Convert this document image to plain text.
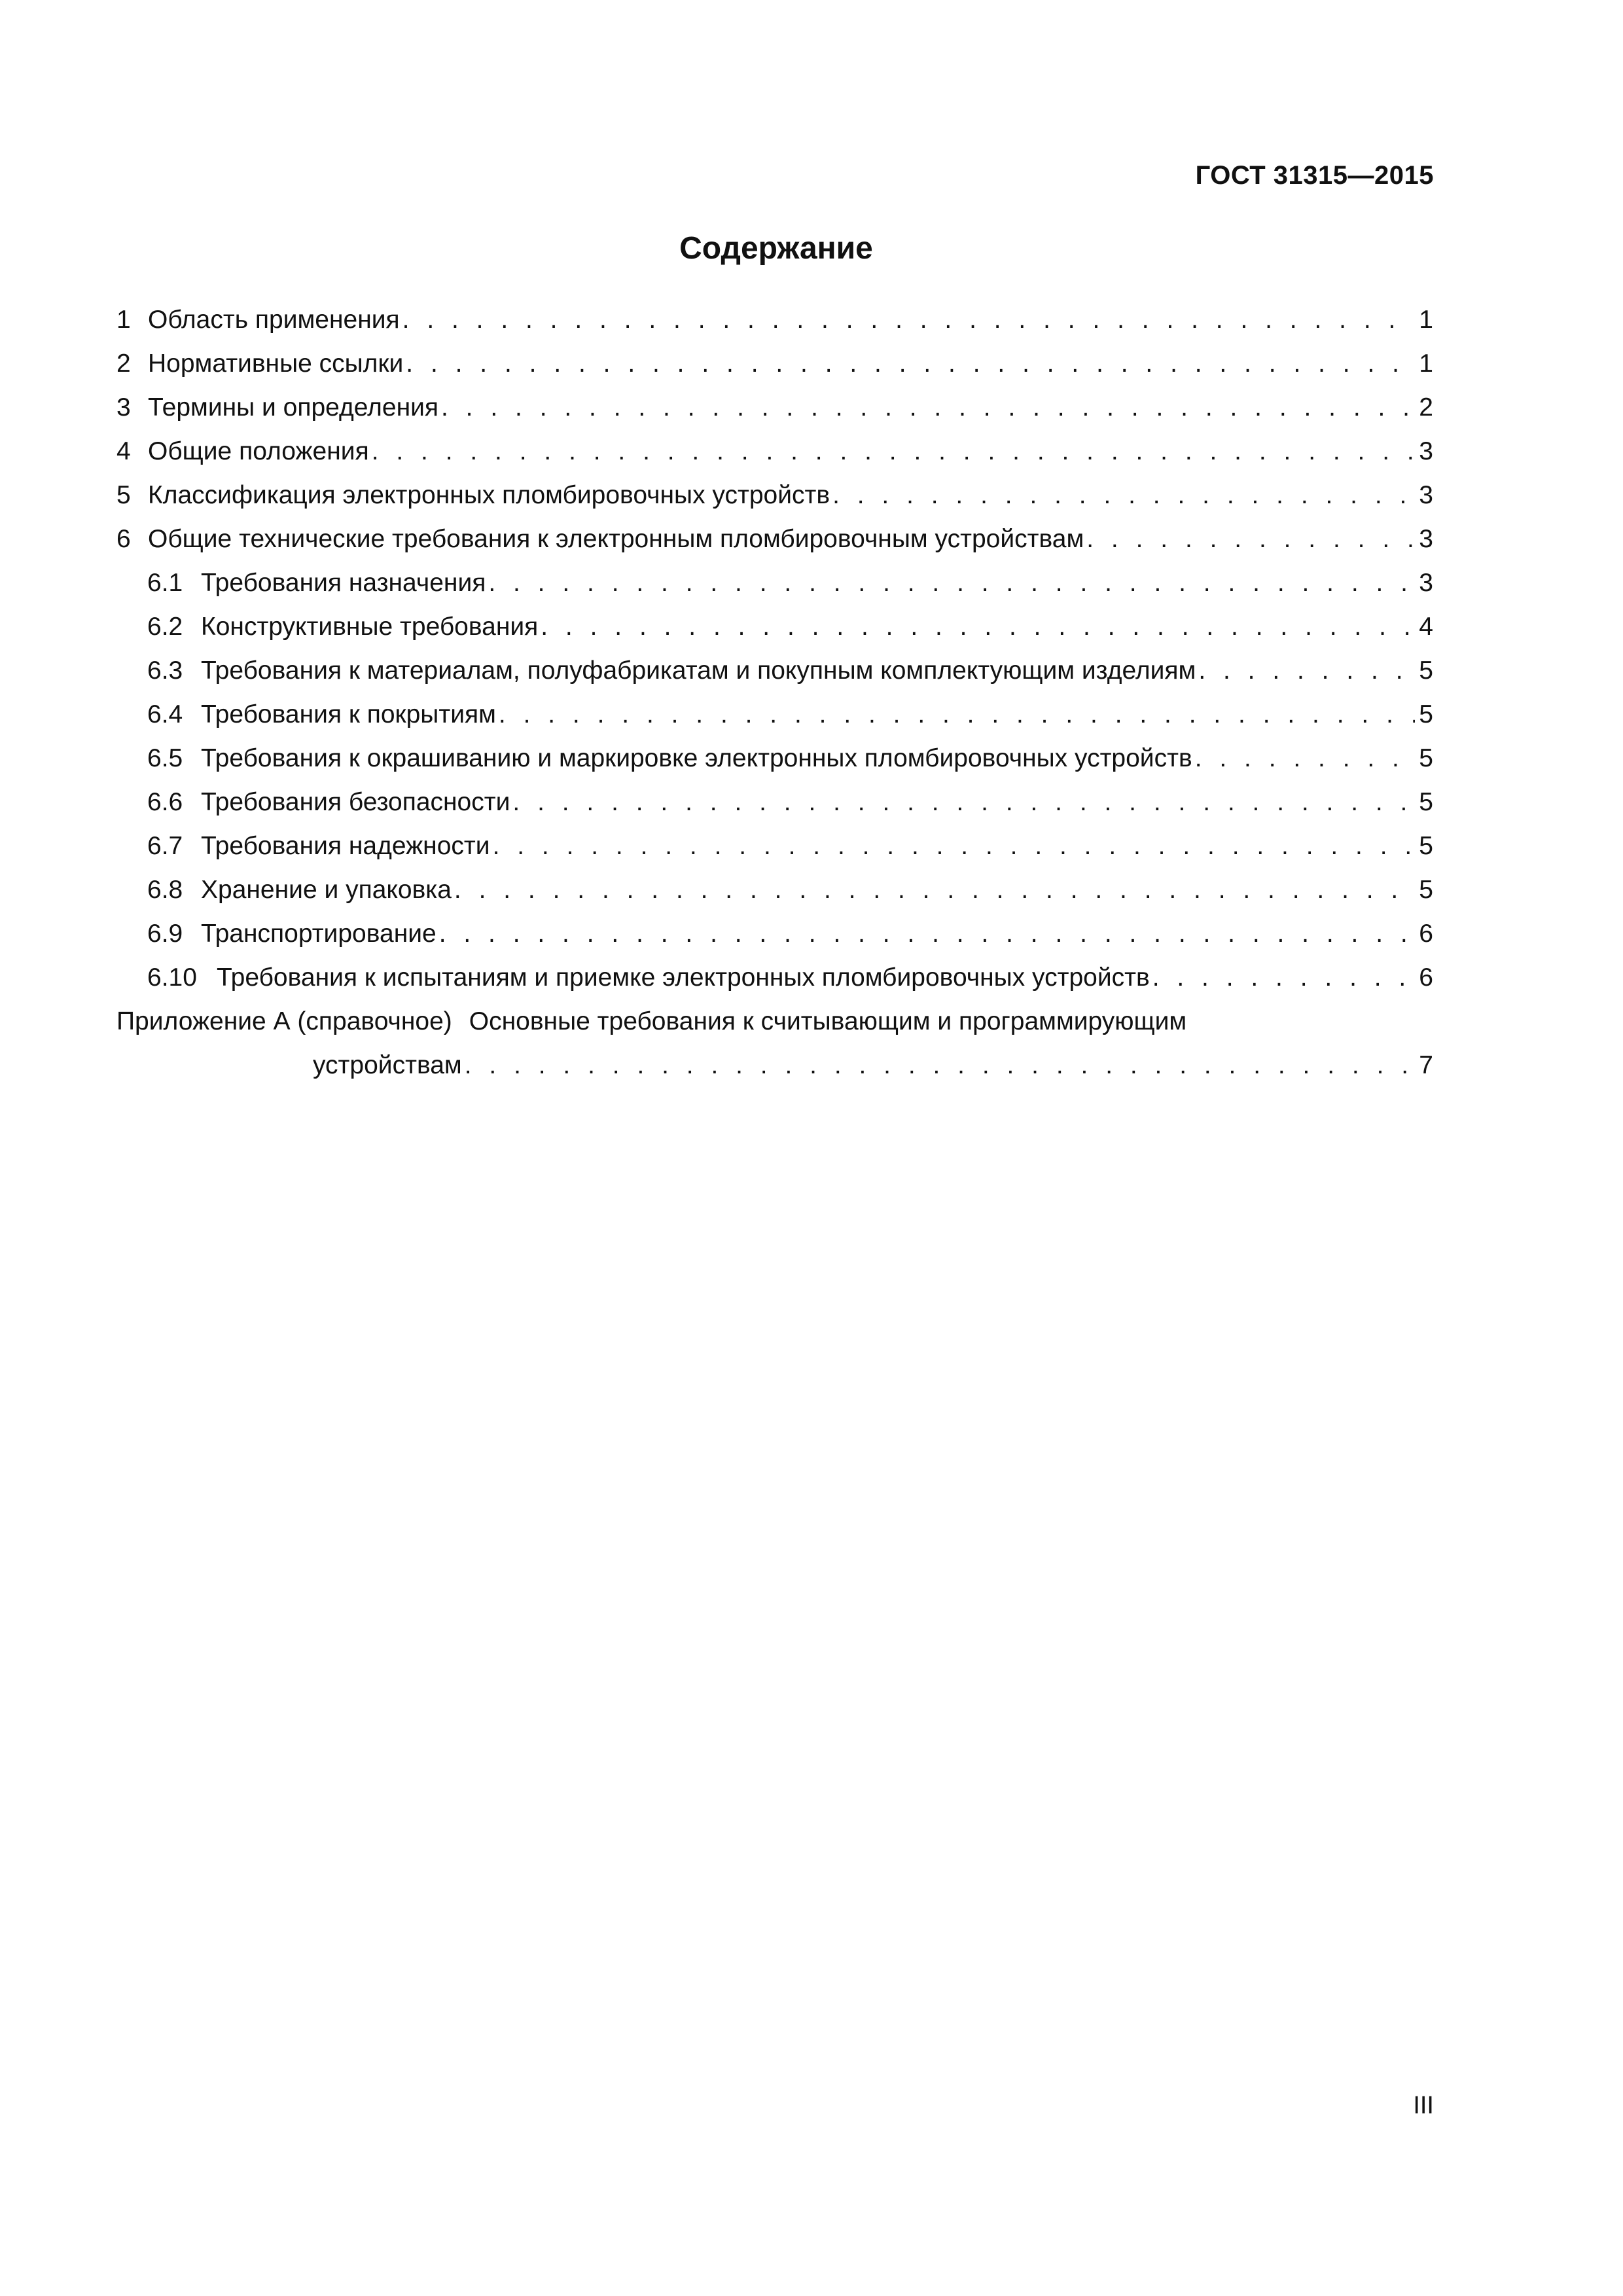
ГОСТ 31315—2015
Содержание
1 Область применения . . .	1
2 Нормативные ссылки . . .	1
3 Термины и определения . . .	2
4 Общие положения . . .	3
5 Классификация электронных пломбировочных устройств . . .	3
6 Общие технические требования к электронным пломбировочным устройствам . . .	3
6.1 Требования назначения . . .	3
6.2 Конструктивные требования . . .	4
6.3 Требования к материалам, полуфабрикатам и покупным комплектующим изделиям . . .	5
6.4 Требования к покрытиям . . .	5
6.5 Требования к окрашиванию и маркировке электронных пломбировочных устройств . . .	5
6.6 Требования безопасности . . .	5
6.7 Требования надежности . . .	5
6.8 Хранение и упаковка . . .	5
6.9 Транспортирование . . .	6
6.10 Требования к испытаниям и приемке электронных пломбировочных устройств . . .	6
Приложение А (справочное) Основные требования к считывающим и программирующим
устройствам . . .	7
III
